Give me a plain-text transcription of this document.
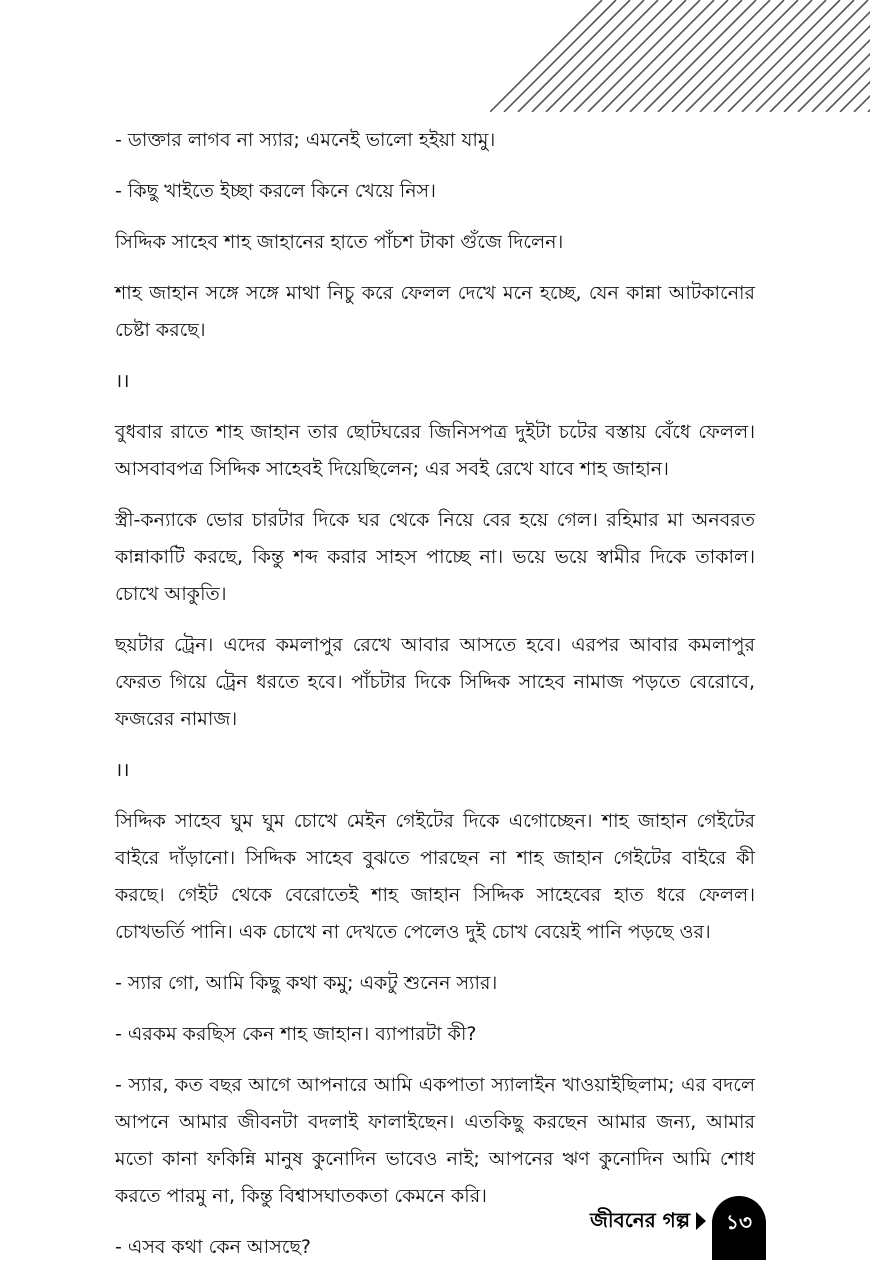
- ডাক্তার লাগব না স্যার; এমনেই ভালো হইয়া যামু।

- কিছু খাইতে ইচ্ছা করলে কিনে খেয়ে নিস।

সিদ্দিক সাহেব শাহ জাহানের হাতে পাঁচশ টাকা গুঁজে দিলেন।

শাহ জাহান সঙ্গে সঙ্গে মাথা নিচু করে ফেলল দেখে মনে হচ্ছে, যেন কান্না আটকানোর চেষ্টা করছে।

।।

বুধবার রাতে শাহ জাহান তার ছোটঘরের জিনিসপত্র দুইটা চটের বস্তায় বেঁধে ফেলল। আসবাবপত্র সিদ্দিক সাহেবই দিয়েছিলেন; এর সবই রেখে যাবে শাহ জাহান।

স্ত্রী-কন্যাকে ভোর চারটার দিকে ঘর থেকে নিয়ে বের হয়ে গেল। রহিমার মা অনবরত কান্নাকাটি করছে, কিন্তু শব্দ করার সাহস পাচ্ছে না। ভয়ে ভয়ে স্বামীর দিকে তাকাল। চোখে আকুতি।

ছয়টার ট্রেন। এদের কমলাপুর রেখে আবার আসতে হবে। এরপর আবার কমলাপুর ফেরত গিয়ে ট্রেন ধরতে হবে। পাঁচটার দিকে সিদ্দিক সাহেব নামাজ পড়তে বেরোবে, ফজরের নামাজ।

।।

সিদ্দিক সাহেব ঘুম ঘুম চোখে মেইন গেইটের দিকে এগোচ্ছেন। শাহ জাহান গেইটের বাইরে দাঁড়ানো। সিদ্দিক সাহেব বুঝতে পারছেন না শাহ জাহান গেইটের বাইরে কী করছে। গেইট থেকে বেরোতেই শাহ জাহান সিদ্দিক সাহেবের হাত ধরে ফেলল। চোখভর্তি পানি। এক চোখে না দেখতে পেলেও দুই চোখ বেয়েই পানি পড়ছে ওর।

- স্যার গো, আমি কিছু কথা কমু; একটু শুনেন স্যার।

- এরকম করছিস কেন শাহ জাহান। ব্যাপারটা কী?

- স্যার, কত বছর আগে আপনারে আমি একপাতা স্যালাইন খাওয়াইছিলাম; এর বদলে আপনে আমার জীবনটা বদলাই ফালাইছেন। এতকিছু করছেন আমার জন্য, আমার মতো কানা ফকিন্নি মানুষ কুনোদিন ভাবেও নাই; আপনের ঋণ কুনোদিন আমি শোধ করতে পারমু না, কিন্তু বিশ্বাসঘাতকতা কেমনে করি।

- এসব কথা কেন আসছে?

জীবনের গল্প	১৩
